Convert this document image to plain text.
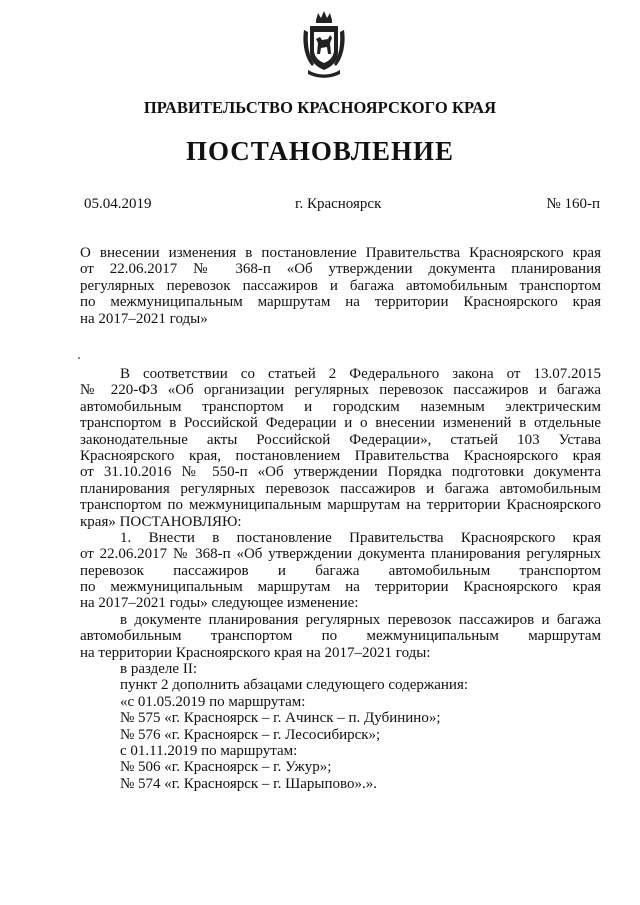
ПРАВИТЕЛЬСТВО КРАСНОЯРСКОГО КРАЯ
ПОСТАНОВЛЕНИЕ
05.04.2019	г. Красноярск	№ 160-п
О внесении изменения в постановление Правительства Красноярского края
от 22.06.2017 № 368-п «Об утверждении документа планирования
регулярных перевозок пассажиров и багажа автомобильным транспортом
по межмуниципальным маршрутам на территории Красноярского края
на 2017–2021 годы»
В соответствии со статьей 2 Федерального закона от 13.07.2015
№ 220-ФЗ «Об организации регулярных перевозок пассажиров и багажа
автомобильным транспортом и городским наземным электрическим
транспортом в Российской Федерации и о внесении изменений в отдельные
законодательные акты Российской Федерации», статьей 103 Устава
Красноярского края, постановлением Правительства Красноярского края
от 31.10.2016 № 550-п «Об утверждении Порядка подготовки документа
планирования регулярных перевозок пассажиров и багажа автомобильным
транспортом по межмуниципальным маршрутам на территории Красноярского
края» ПОСТАНОВЛЯЮ:
1. Внести в постановление Правительства Красноярского края
от 22.06.2017 № 368-п «Об утверждении документа планирования регулярных
перевозок пассажиров и багажа автомобильным транспортом
по межмуниципальным маршрутам на территории Красноярского края
на 2017–2021 годы» следующее изменение:
в документе планирования регулярных перевозок пассажиров и багажа
автомобильным транспортом по межмуниципальным маршрутам
на территории Красноярского края на 2017–2021 годы:
в разделе II:
пункт 2 дополнить абзацами следующего содержания:
«с 01.05.2019 по маршрутам:
№ 575 «г. Красноярск – г. Ачинск – п. Дубинино»;
№ 576 «г. Красноярск – г. Лесосибирск»;
с 01.11.2019 по маршрутам:
№ 506 «г. Красноярск – г. Ужур»;
№ 574 «г. Красноярск – г. Шарыпово».».
